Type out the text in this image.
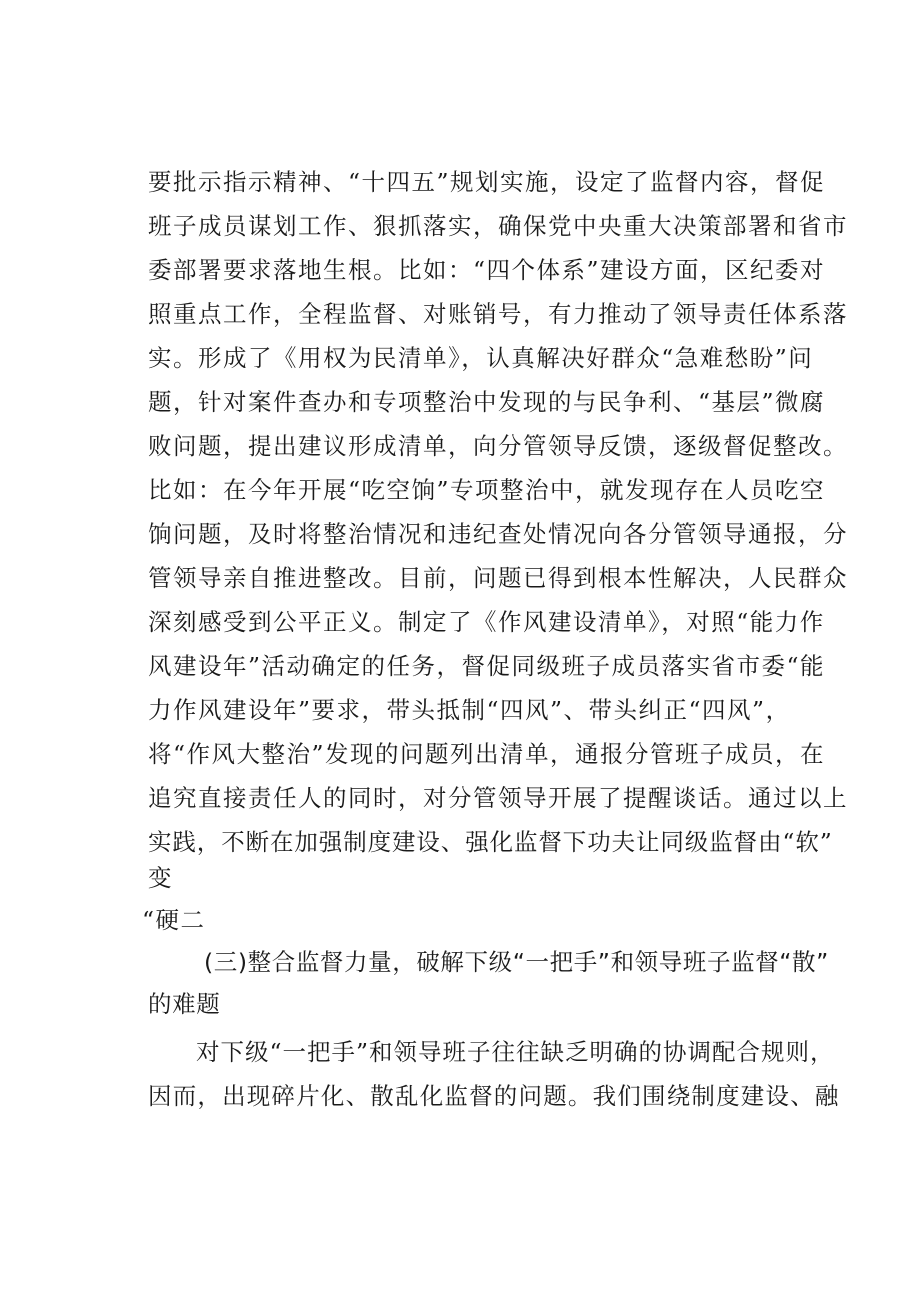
要批示指示精神、“十四五”规划实施，设定了监督内容，督促
班子成员谋划工作、狠抓落实，确保党中央重大决策部署和省市
委部署要求落地生根。比如：“四个体系”建设方面，区纪委对
照重点工作，全程监督、对账销号，有力推动了领导责任体系落
实。形成了《用权为民清单》，认真解决好群众“急难愁盼”问
题，针对案件查办和专项整治中发现的与民争利、“基层”微腐
败问题，提出建议形成清单，向分管领导反馈，逐级督促整改。
比如：在今年开展“吃空饷”专项整治中，就发现存在人员吃空
饷问题，及时将整治情况和违纪查处情况向各分管领导通报，分
管领导亲自推进整改。目前，问题已得到根本性解决，人民群众
深刻感受到公平正义。制定了《作风建设清单》，对照“能力作
风建设年”活动确定的任务，督促同级班子成员落实省市委“能
力作风建设年”要求，带头抵制“四风”、带头纠正“四风”，
将“作风大整治”发现的问题列出清单，通报分管班子成员，在
追究直接责任人的同时，对分管领导开展了提醒谈话。通过以上
实践，不断在加强制度建设、强化监督下功夫让同级监督由“软”
变
“硬二
(三)整合监督力量，破解下级“一把手”和领导班子监督“散”
的难题
对下级“一把手”和领导班子往往缺乏明确的协调配合规则，
因而，出现碎片化、散乱化监督的问题。我们围绕制度建设、融
